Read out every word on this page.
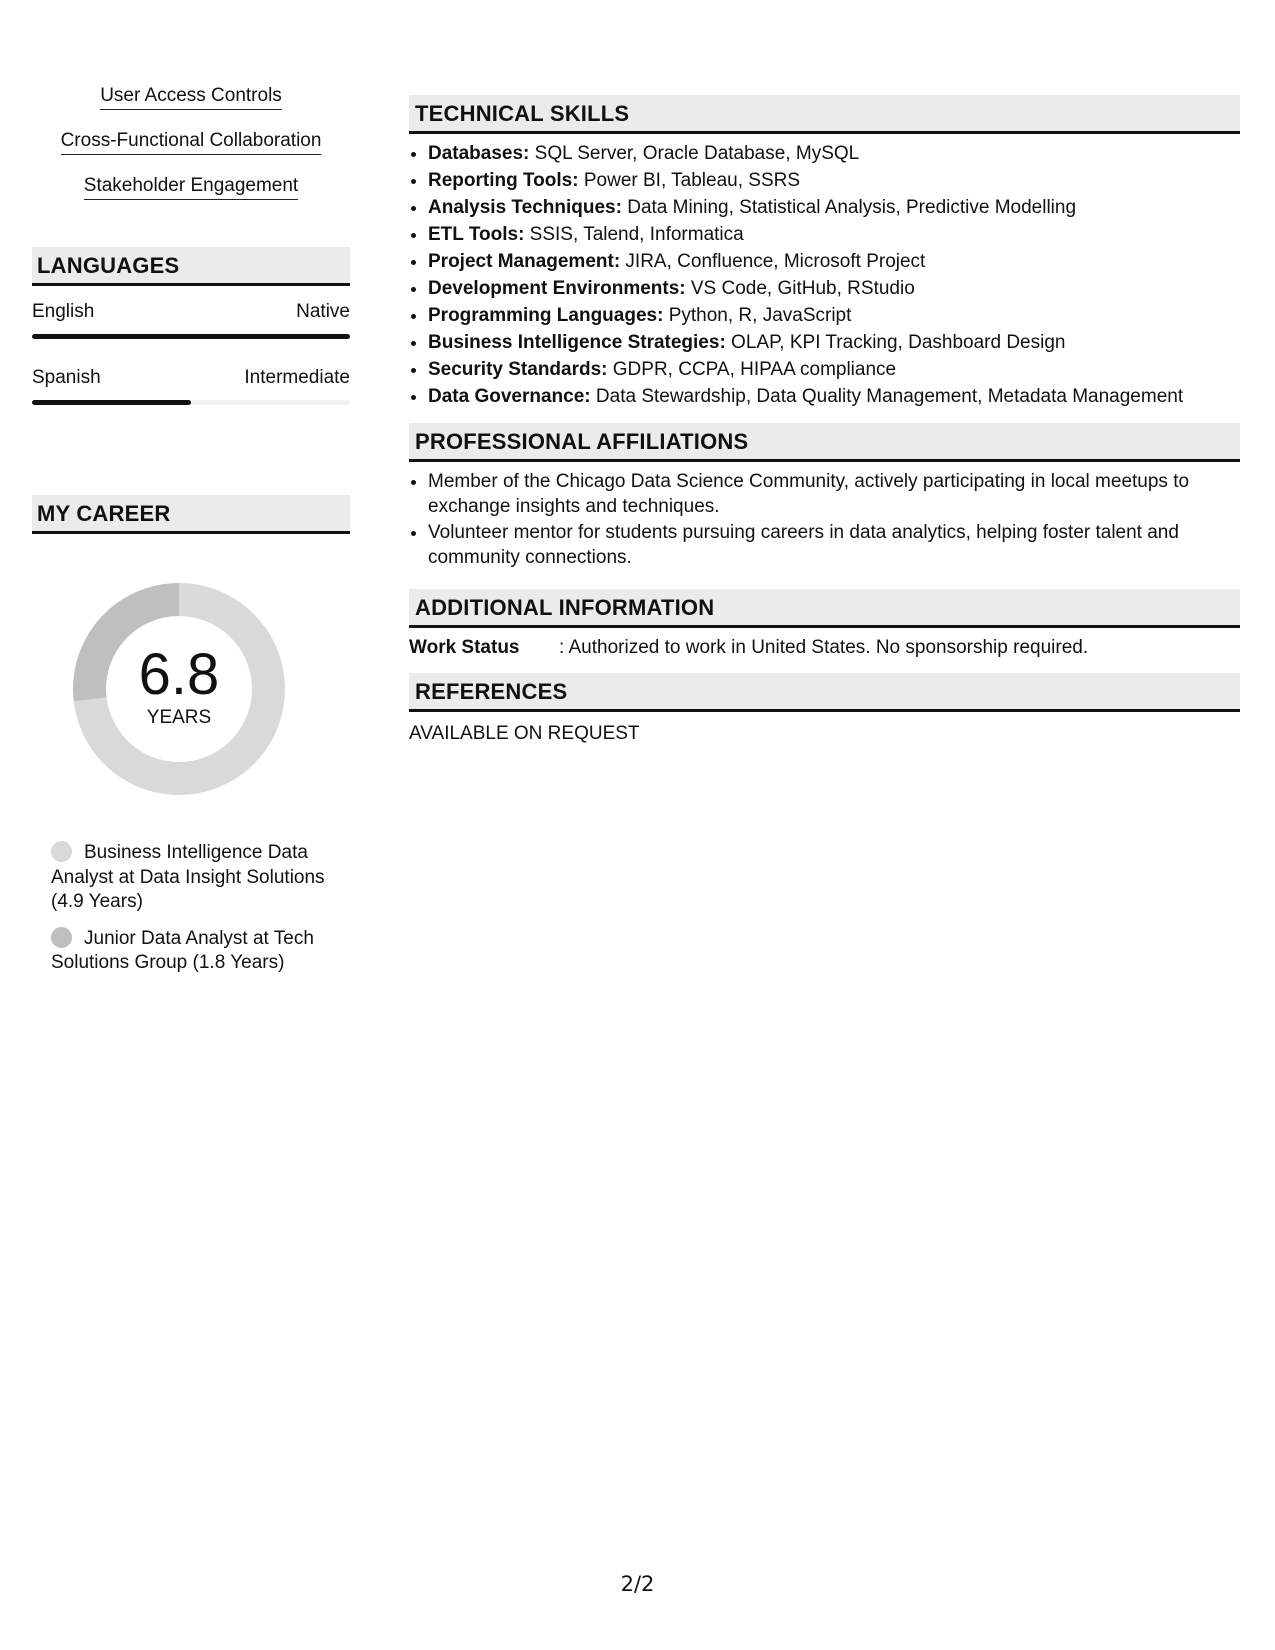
User Access Controls
Cross-Functional Collaboration
Stakeholder Engagement
LANGUAGES
English	Native
Spanish	Intermediate
MY CAREER
6.8
YEARS
Business Intelligence Data Analyst at Data Insight Solutions (4.9 Years)
Junior Data Analyst at Tech Solutions Group (1.8 Years)
TECHNICAL SKILLS
• Databases: SQL Server, Oracle Database, MySQL
• Reporting Tools: Power BI, Tableau, SSRS
• Analysis Techniques: Data Mining, Statistical Analysis, Predictive Modelling
• ETL Tools: SSIS, Talend, Informatica
• Project Management: JIRA, Confluence, Microsoft Project
• Development Environments: VS Code, GitHub, RStudio
• Programming Languages: Python, R, JavaScript
• Business Intelligence Strategies: OLAP, KPI Tracking, Dashboard Design
• Security Standards: GDPR, CCPA, HIPAA compliance
• Data Governance: Data Stewardship, Data Quality Management, Metadata Management
PROFESSIONAL AFFILIATIONS
• Member of the Chicago Data Science Community, actively participating in local meetups to exchange insights and techniques.
• Volunteer mentor for students pursuing careers in data analytics, helping foster talent and community connections.
ADDITIONAL INFORMATION
Work Status	: Authorized to work in United States. No sponsorship required.
REFERENCES
AVAILABLE ON REQUEST
2/2
